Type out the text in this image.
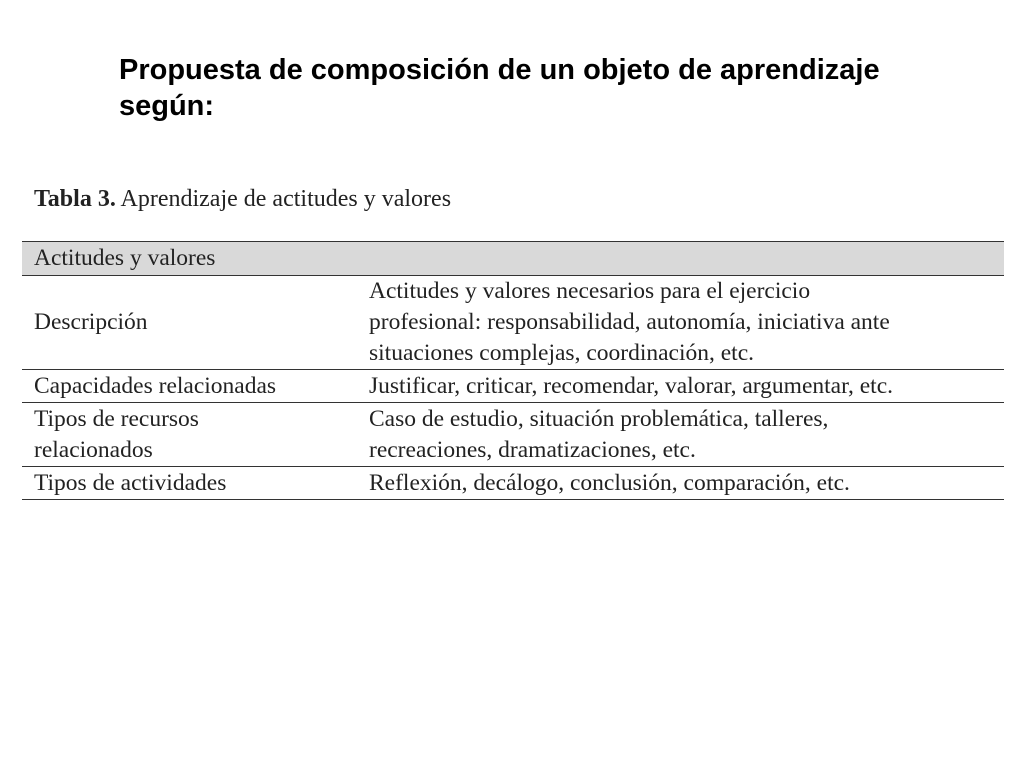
Propuesta de composición de un objeto de aprendizaje según:

Tabla 3. Aprendizaje de actitudes y valores

Actitudes y valores	

Descripción	Actitudes y valores necesarios para el ejercicio
profesional: responsabilidad, autonomía, iniciativa ante
situaciones complejas, coordinación, etc.

Capacidades relacionadas	Justificar, criticar, recomendar, valorar, argumentar, etc.

Tipos de recursos
relacionados	Caso de estudio, situación problemática, talleres,
recreaciones, dramatizaciones, etc.

Tipos de actividades	Reflexión, decálogo, conclusión, comparación, etc.
